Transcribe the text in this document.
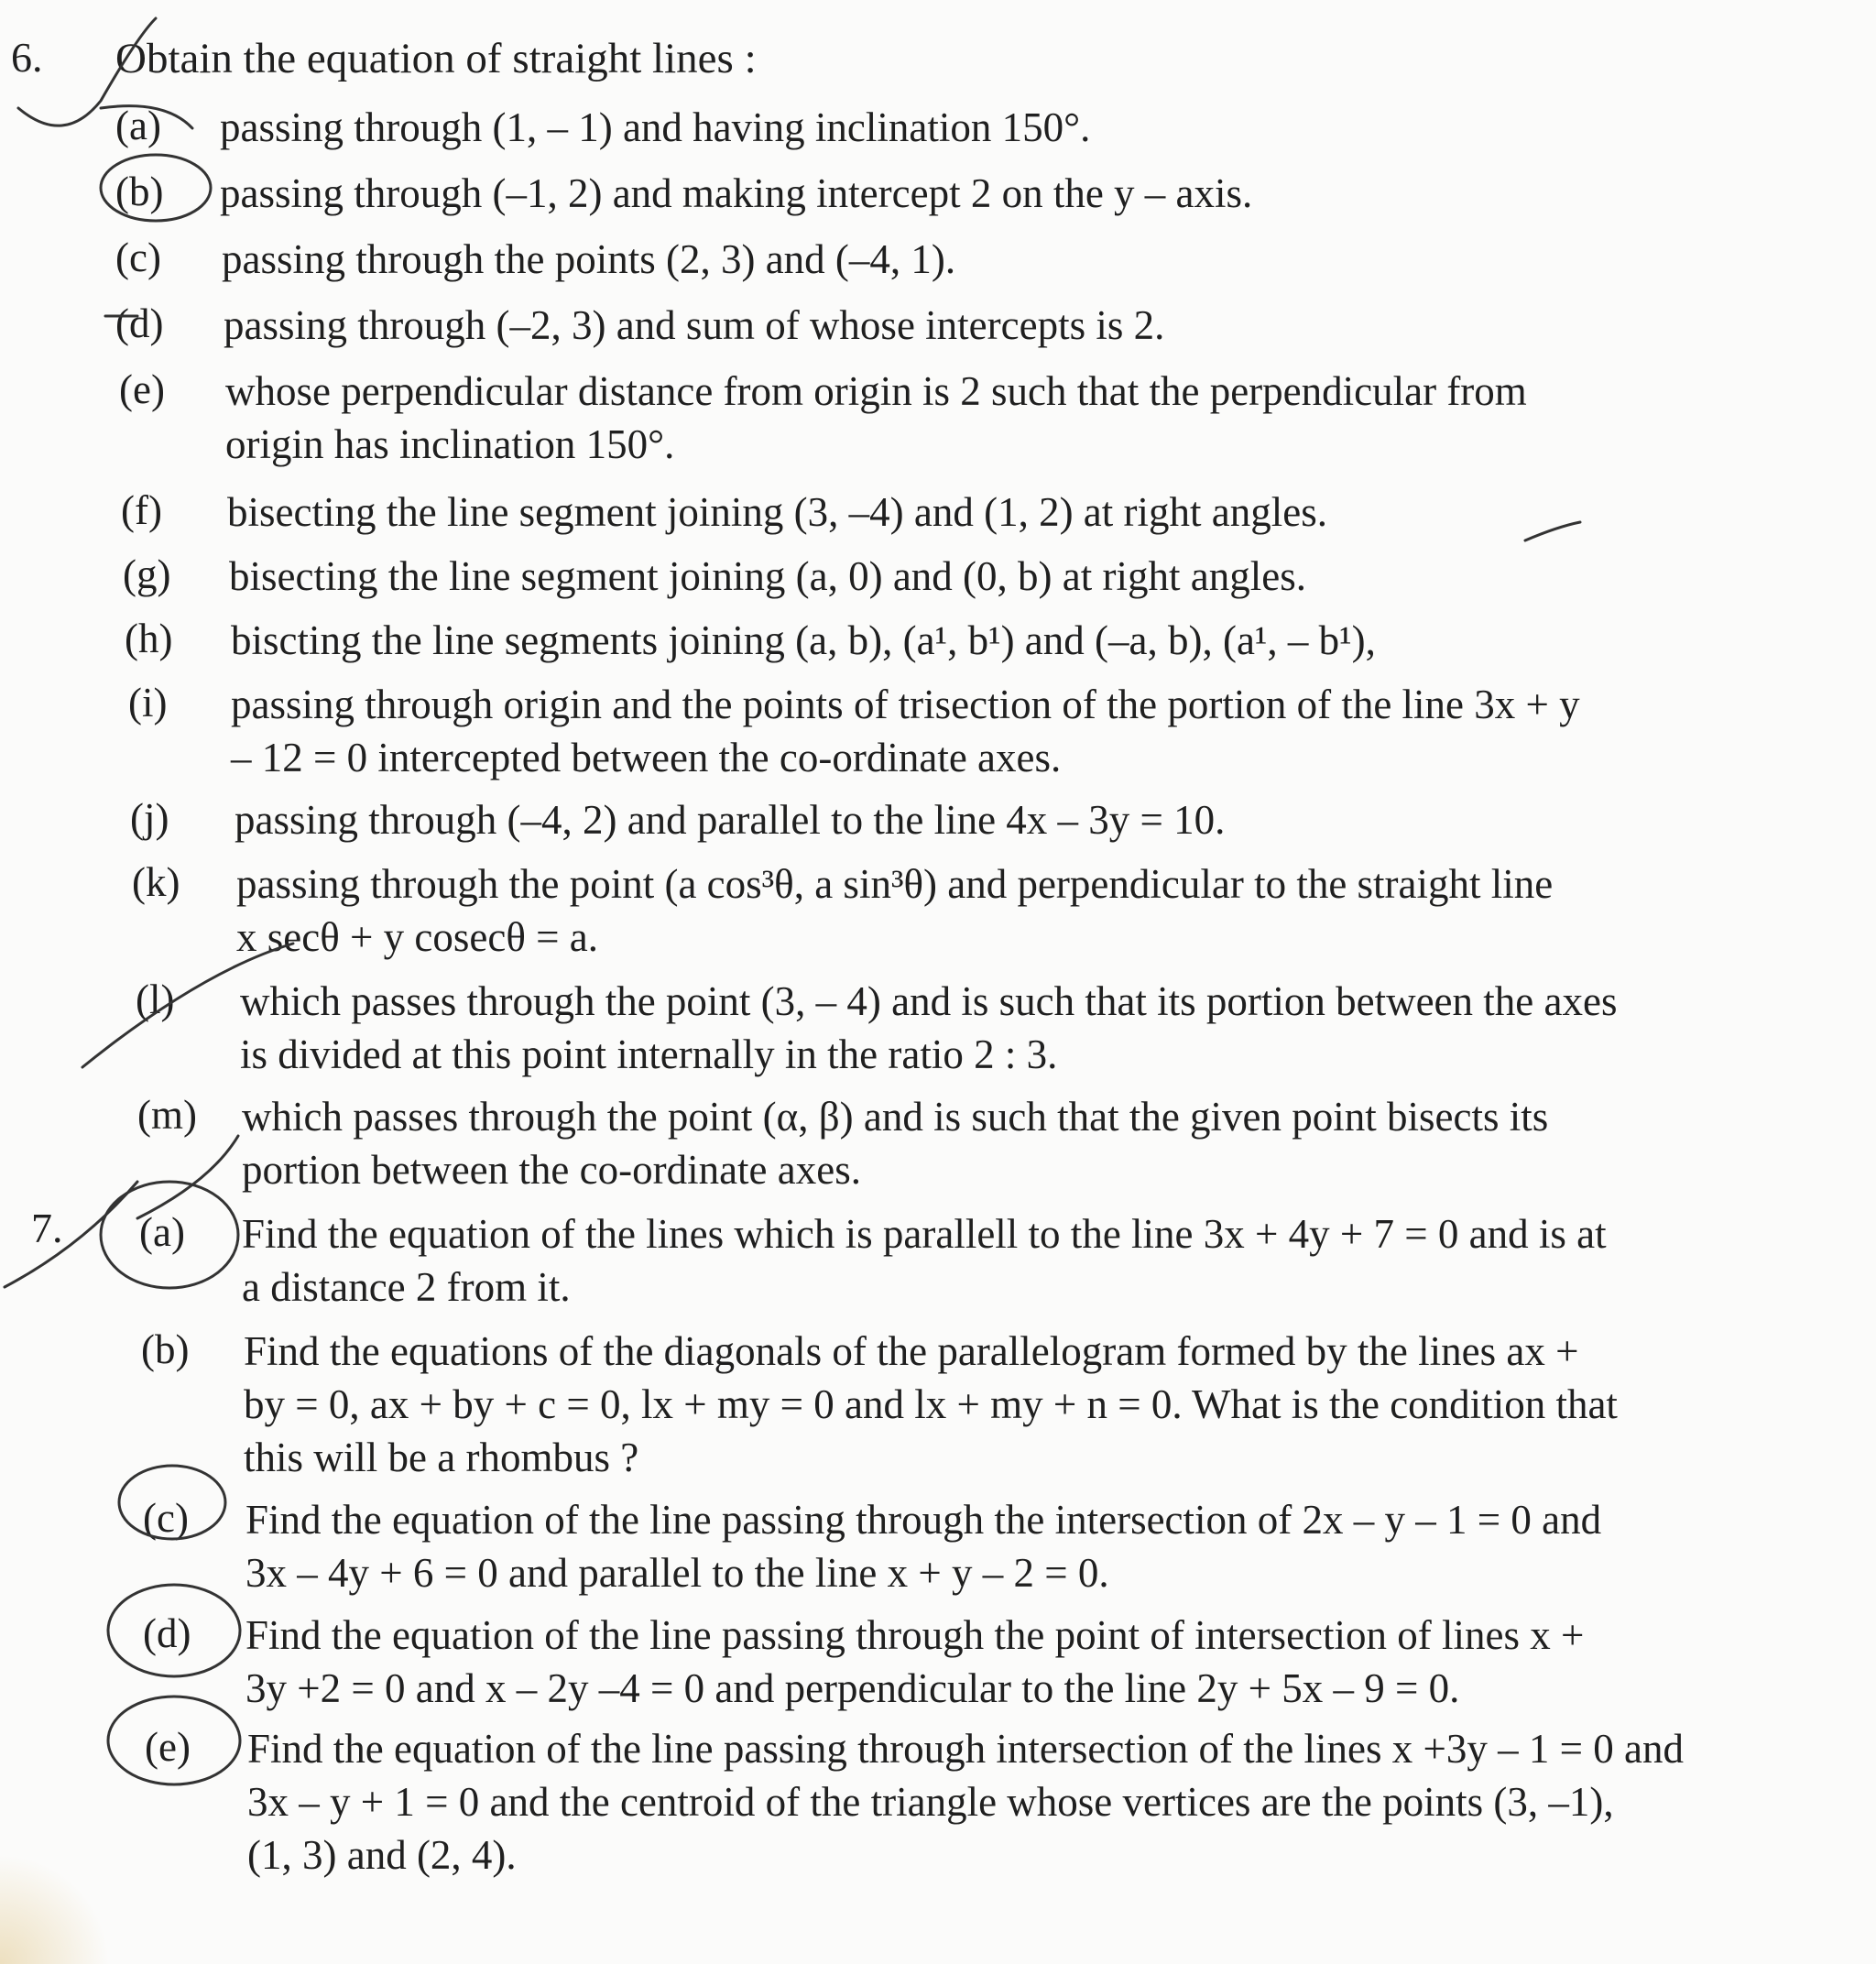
6. Obtain the equation of straight lines :
(a) passing through (1, – 1) and having inclination 150°.
(b) passing through (–1, 2) and making intercept 2 on the y – axis.
(c) passing through the points (2, 3) and (–4, 1).
(d) passing through (–2, 3) and sum of whose intercepts is 2.
(e) whose perpendicular distance from origin is 2 such that the perpendicular from
origin has inclination 150°.
(f) bisecting the line segment joining (3, –4) and (1, 2) at right angles.
(g) bisecting the line segment joining (a, 0) and (0, b) at right angles.
(h) biscting the line segments joining (a, b), (a¹, b¹) and (–a, b), (a¹, – b¹),
(i) passing through origin and the points of trisection of the portion of the line 3x + y
– 12 = 0 intercepted between the co-ordinate axes.
(j) passing through (–4, 2) and parallel to the line 4x – 3y = 10.
(k) passing through the point (a cos³θ, a sin³θ) and perpendicular to the straight line
x secθ + y cosecθ = a.
(l) which passes through the point (3, – 4) and is such that its portion between the axes
is divided at this point internally in the ratio 2 : 3.
(m) which passes through the point (α, β) and is such that the given point bisects its
portion between the co-ordinate axes.
7. (a) Find the equation of the lines which is parallell to the line 3x + 4y + 7 = 0 and is at
a distance 2 from it.
(b) Find the equations of the diagonals of the parallelogram formed by the lines ax +
by = 0, ax + by + c = 0, lx + my = 0 and lx + my + n = 0. What is the condition that
this will be a rhombus ?
(c) Find the equation of the line passing through the intersection of 2x – y – 1 = 0 and
3x – 4y + 6 = 0 and parallel to the line x + y – 2 = 0.
(d) Find the equation of the line passing through the point of intersection of lines x +
3y +2 = 0 and x – 2y –4 = 0 and perpendicular to the line 2y + 5x – 9 = 0.
(e) Find the equation of the line passing through intersection of the lines x +3y – 1 = 0 and
3x – y + 1 = 0 and the centroid of the triangle whose vertices are the points (3, –1),
(1, 3) and (2, 4).
